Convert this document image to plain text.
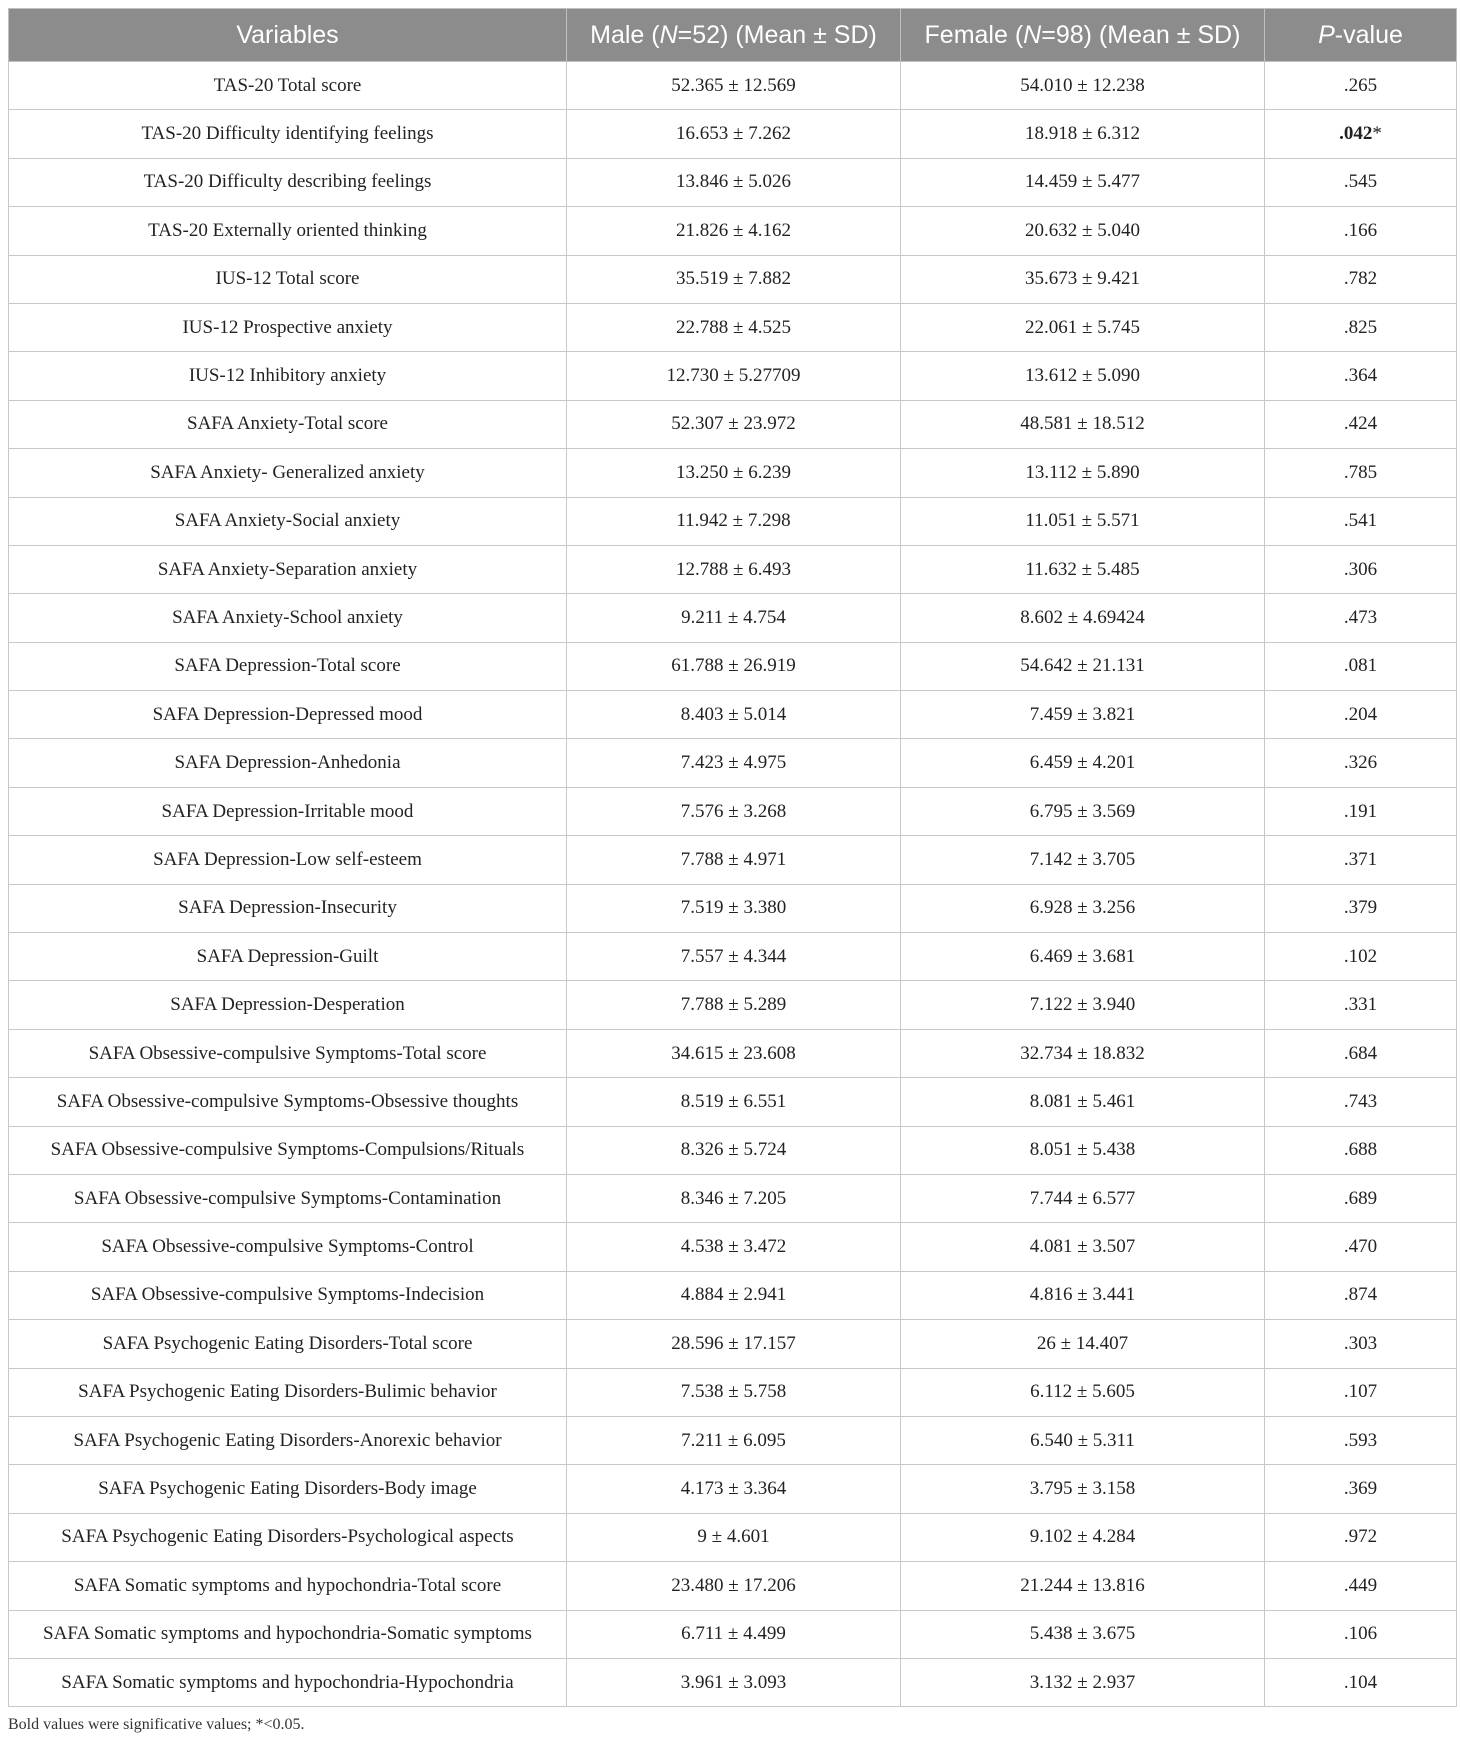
Variables	Male (N=52) (Mean ± SD)	Female (N=98) (Mean ± SD)	P-value
TAS-20 Total score	52.365 ± 12.569	54.010 ± 12.238	.265
TAS-20 Difficulty identifying feelings	16.653 ± 7.262	18.918 ± 6.312	.042*
TAS-20 Difficulty describing feelings	13.846 ± 5.026	14.459 ± 5.477	.545
TAS-20 Externally oriented thinking	21.826 ± 4.162	20.632 ± 5.040	.166
IUS-12 Total score	35.519 ± 7.882	35.673 ± 9.421	.782
IUS-12 Prospective anxiety	22.788 ± 4.525	22.061 ± 5.745	.825
IUS-12 Inhibitory anxiety	12.730 ± 5.27709	13.612 ± 5.090	.364
SAFA Anxiety-Total score	52.307 ± 23.972	48.581 ± 18.512	.424
SAFA Anxiety- Generalized anxiety	13.250 ± 6.239	13.112 ± 5.890	.785
SAFA Anxiety-Social anxiety	11.942 ± 7.298	11.051 ± 5.571	.541
SAFA Anxiety-Separation anxiety	12.788 ± 6.493	11.632 ± 5.485	.306
SAFA Anxiety-School anxiety	9.211 ± 4.754	8.602 ± 4.69424	.473
SAFA Depression-Total score	61.788 ± 26.919	54.642 ± 21.131	.081
SAFA Depression-Depressed mood	8.403 ± 5.014	7.459 ± 3.821	.204
SAFA Depression-Anhedonia	7.423 ± 4.975	6.459 ± 4.201	.326
SAFA Depression-Irritable mood	7.576 ± 3.268	6.795 ± 3.569	.191
SAFA Depression-Low self-esteem	7.788 ± 4.971	7.142 ± 3.705	.371
SAFA Depression-Insecurity	7.519 ± 3.380	6.928 ± 3.256	.379
SAFA Depression-Guilt	7.557 ± 4.344	6.469 ± 3.681	.102
SAFA Depression-Desperation	7.788 ± 5.289	7.122 ± 3.940	.331
SAFA Obsessive-compulsive Symptoms-Total score	34.615 ± 23.608	32.734 ± 18.832	.684
SAFA Obsessive-compulsive Symptoms-Obsessive thoughts	8.519 ± 6.551	8.081 ± 5.461	.743
SAFA Obsessive-compulsive Symptoms-Compulsions/Rituals	8.326 ± 5.724	8.051 ± 5.438	.688
SAFA Obsessive-compulsive Symptoms-Contamination	8.346 ± 7.205	7.744 ± 6.577	.689
SAFA Obsessive-compulsive Symptoms-Control	4.538 ± 3.472	4.081 ± 3.507	.470
SAFA Obsessive-compulsive Symptoms-Indecision	4.884 ± 2.941	4.816 ± 3.441	.874
SAFA Psychogenic Eating Disorders-Total score	28.596 ± 17.157	26 ± 14.407	.303
SAFA Psychogenic Eating Disorders-Bulimic behavior	7.538 ± 5.758	6.112 ± 5.605	.107
SAFA Psychogenic Eating Disorders-Anorexic behavior	7.211 ± 6.095	6.540 ± 5.311	.593
SAFA Psychogenic Eating Disorders-Body image	4.173 ± 3.364	3.795 ± 3.158	.369
SAFA Psychogenic Eating Disorders-Psychological aspects	9 ± 4.601	9.102 ± 4.284	.972
SAFA Somatic symptoms and hypochondria-Total score	23.480 ± 17.206	21.244 ± 13.816	.449
SAFA Somatic symptoms and hypochondria-Somatic symptoms	6.711 ± 4.499	5.438 ± 3.675	.106
SAFA Somatic symptoms and hypochondria-Hypochondria	3.961 ± 3.093	3.132 ± 2.937	.104
Bold values were significative values; *<0.05.
